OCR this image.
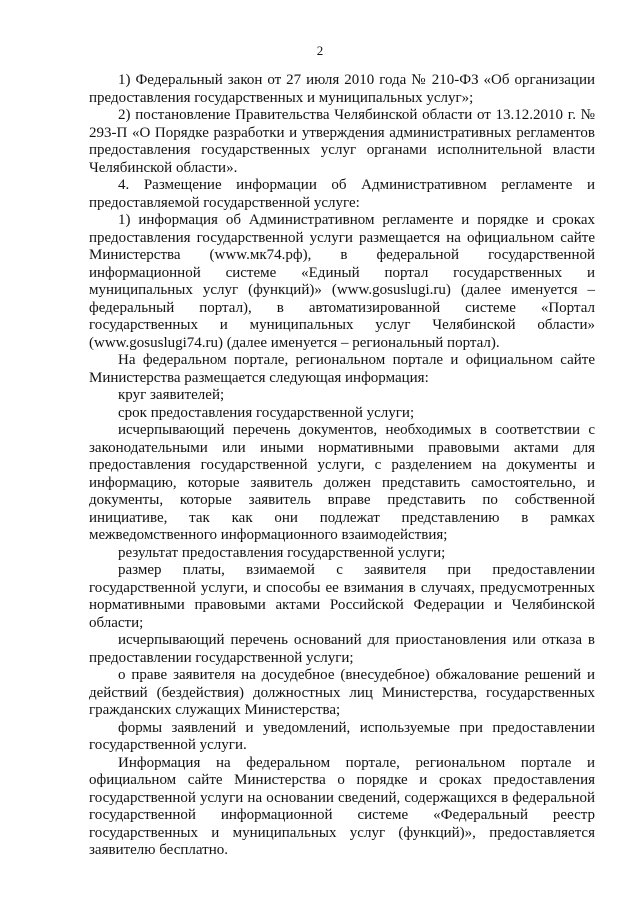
2

1) Федеральный закон от 27 июля 2010 года № 210-ФЗ «Об организации предоставления государственных и муниципальных услуг»;

2) постановление Правительства Челябинской области от 13.12.2010 г. № 293-П «О Порядке разработки и утверждения административных регламентов предоставления государственных услуг органами исполнительной власти Челябинской области».

4. Размещение информации об Административном регламенте и предоставляемой государственной услуге:

1) информация об Административном регламенте и порядке и сроках предоставления государственной услуги размещается на официальном сайте Министерства (www.мк74.рф), в федеральной государственной информационной системе «Единый портал государственных и муниципальных услуг (функций)» (www.gosuslugi.ru) (далее именуется – федеральный портал), в автоматизированной системе «Портал государственных и муниципальных услуг Челябинской области» (www.gosuslugi74.ru) (далее именуется – региональный портал).

На федеральном портале, региональном портале и официальном сайте Министерства размещается следующая информация:

круг заявителей;

срок предоставления государственной услуги;

исчерпывающий перечень документов, необходимых в соответствии с законодательными или иными нормативными правовыми актами для предоставления государственной услуги, с разделением на документы и информацию, которые заявитель должен представить самостоятельно, и документы, которые заявитель вправе представить по собственной инициативе, так как они подлежат представлению в рамках межведомственного информационного взаимодействия;

результат предоставления государственной услуги;

размер платы, взимаемой с заявителя при предоставлении государственной услуги, и способы ее взимания в случаях, предусмотренных нормативными правовыми актами Российской Федерации и Челябинской области;

исчерпывающий перечень оснований для приостановления или отказа в предоставлении государственной услуги;

о праве заявителя на досудебное (внесудебное) обжалование решений и действий (бездействия) должностных лиц Министерства, государственных гражданских служащих Министерства;

формы заявлений и уведомлений, используемые при предоставлении государственной услуги.

Информация на федеральном портале, региональном портале и официальном сайте Министерства о порядке и сроках предоставления государственной услуги на основании сведений, содержащихся в федеральной государственной информационной системе «Федеральный реестр государственных и муниципальных услуг (функций)», предоставляется заявителю бесплатно.
